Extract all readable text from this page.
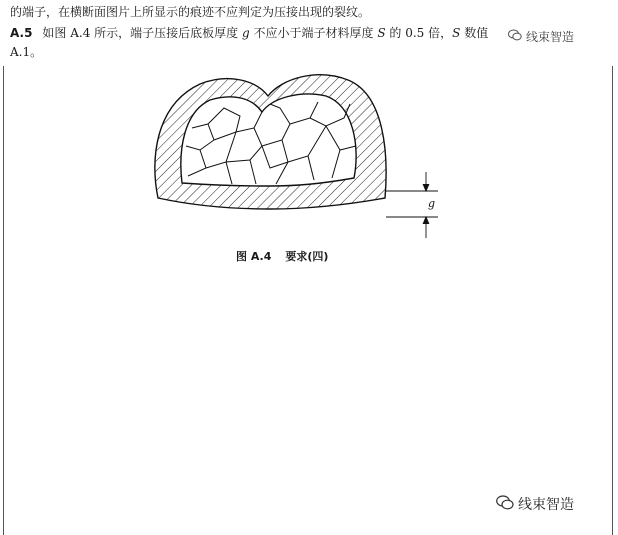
的端子，在横断面图片上所显示的痕迹不应判定为压接出现的裂纹。
A.5 如图 A.4 所示，端子压接后底板厚度 g 不应小于端子材料厚度 S 的 0.5 倍，S 数值
A.1。
g
图 A.4 要求(四)
线束智造
线束智造
